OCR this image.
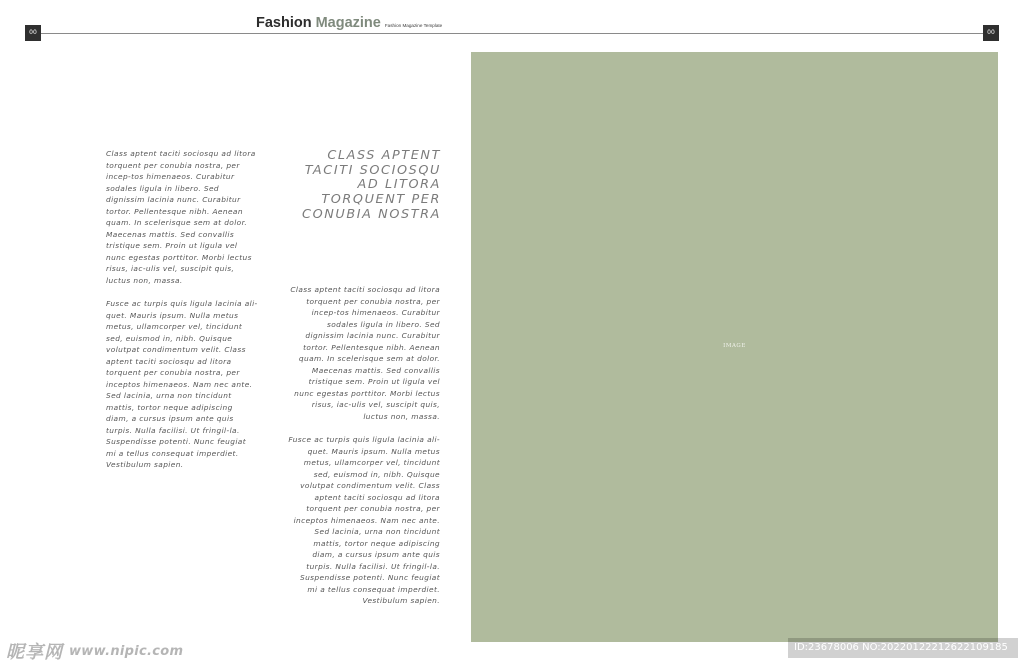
00	00
Fashion Magazine Fashion Magazine Template

Class aptent taciti sociosqu ad litora torquent per conubia nostra, per incep-tos himenaeos. Curabitur sodales ligula in libero. Sed dignissim lacinia nunc. Curabitur tortor. Pellentesque nibh. Aenean quam. In scelerisque sem at dolor. Maecenas mattis. Sed convallis tristique sem. Proin ut ligula vel nunc egestas porttitor. Morbi lectus risus, iac-ulis vel, suscipit quis, luctus non, massa.

Fusce ac turpis quis ligula lacinia ali-quet. Mauris ipsum. Nulla metus metus, ullamcorper vel, tincidunt sed, euismod in, nibh. Quisque volutpat condimentum velit. Class aptent taciti sociosqu ad litora torquent per conubia nostra, per inceptos himenaeos. Nam nec ante. Sed lacinia, urna non tincidunt mattis, tortor neque adipiscing diam, a cursus ipsum ante quis turpis. Nulla facilisi. Ut fringil-la. Suspendisse potenti. Nunc feugiat mi a tellus consequat imperdiet. Vestibulum sapien.

CLASS APTENT TACITI SOCIOSQU AD LITORA TORQUENT PER CONUBIA NOSTRA

Class aptent taciti sociosqu ad litora torquent per conubia nostra, per incep-tos himenaeos. Curabitur sodales ligula in libero. Sed dignissim lacinia nunc. Curabitur tortor. Pellentesque nibh. Aenean quam. In scelerisque sem at dolor. Maecenas mattis. Sed convallis tristique sem. Proin ut ligula vel nunc egestas porttitor. Morbi lectus risus, iac-ulis vel, suscipit quis, luctus non, massa.

Fusce ac turpis quis ligula lacinia ali-quet. Mauris ipsum. Nulla metus metus, ullamcorper vel, tincidunt sed, euismod in, nibh. Quisque volutpat condimentum velit. Class aptent taciti sociosqu ad litora torquent per conubia nostra, per inceptos himenaeos. Nam nec ante. Sed lacinia, urna non tincidunt mattis, tortor neque adipiscing diam, a cursus ipsum ante quis turpis. Nulla facilisi. Ut fringil-la. Suspendisse potenti. Nunc feugiat mi a tellus consequat imperdiet. Vestibulum sapien.

IMAGE
昵享网 www.nipic.com	ID:23678006 NO:20220122212622109185
